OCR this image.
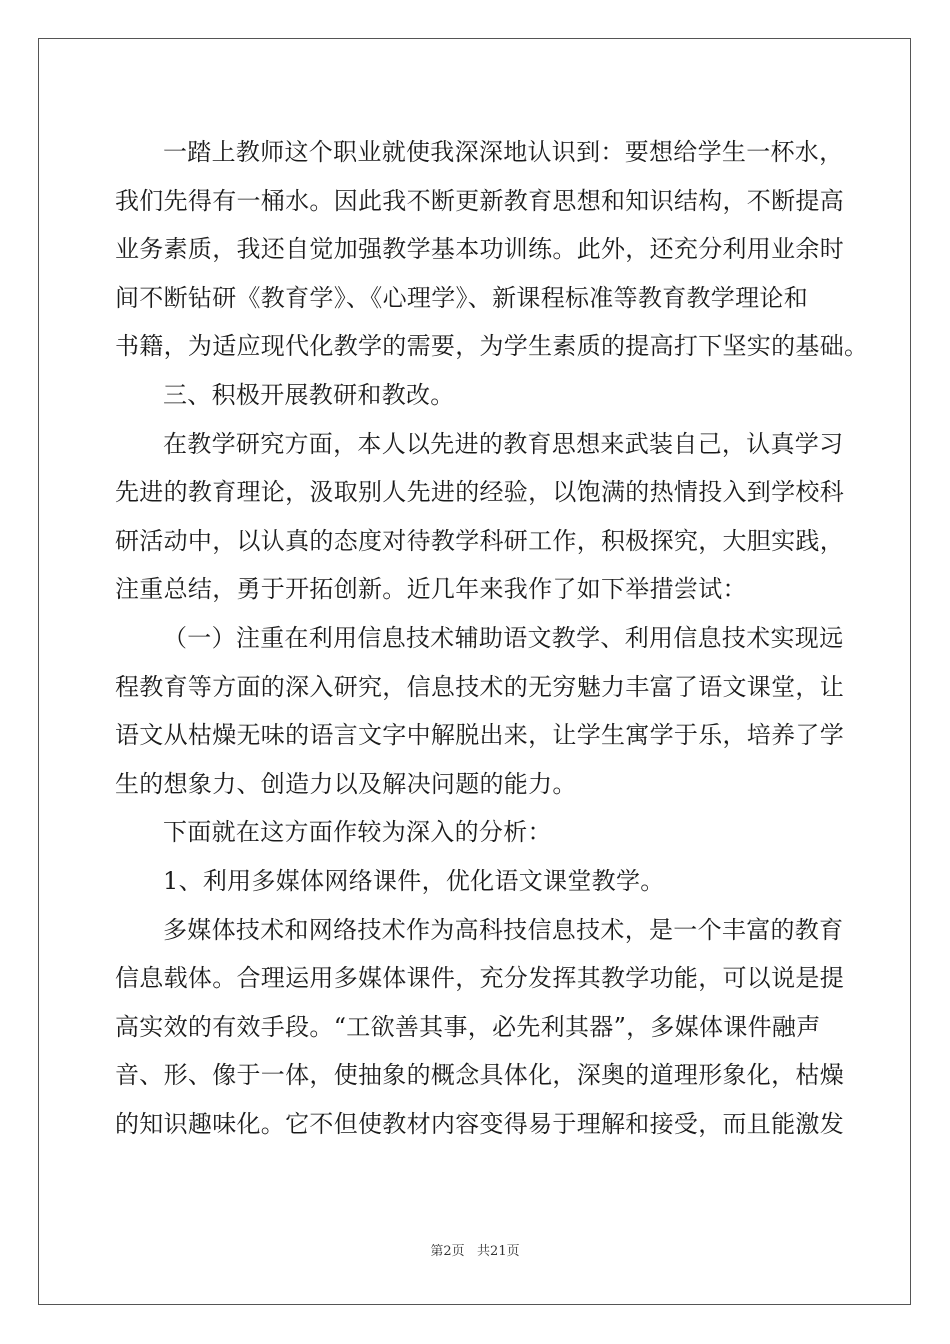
一踏上教师这个职业就使我深深地认识到：要想给学生一杯水，
我们先得有一桶水。因此我不断更新教育思想和知识结构，不断提高
业务素质，我还自觉加强教学基本功训练。此外，还充分利用业余时
间不断钻研《教育学》、《心理学》、新课程标准等教育教学理论和
书籍，为适应现代化教学的需要，为学生素质的提高打下坚实的基础。
三、积极开展教研和教改。
在教学研究方面，本人以先进的教育思想来武装自己，认真学习
先进的教育理论，汲取别人先进的经验，以饱满的热情投入到学校科
研活动中，以认真的态度对待教学科研工作，积极探究，大胆实践，
注重总结，勇于开拓创新。近几年来我作了如下举措尝试：
（一）注重在利用信息技术辅助语文教学、利用信息技术实现远
程教育等方面的深入研究，信息技术的无穷魅力丰富了语文课堂，让
语文从枯燥无味的语言文字中解脱出来，让学生寓学于乐，培养了学
生的想象力、创造力以及解决问题的能力。
下面就在这方面作较为深入的分析：
1、利用多媒体网络课件，优化语文课堂教学。
多媒体技术和网络技术作为高科技信息技术，是一个丰富的教育
信息载体。合理运用多媒体课件，充分发挥其教学功能，可以说是提
高实效的有效手段。“工欲善其事，必先利其器”，多媒体课件融声
音、形、像于一体，使抽象的概念具体化，深奥的道理形象化，枯燥
的知识趣味化。它不但使教材内容变得易于理解和接受，而且能激发
第2页   共21页
